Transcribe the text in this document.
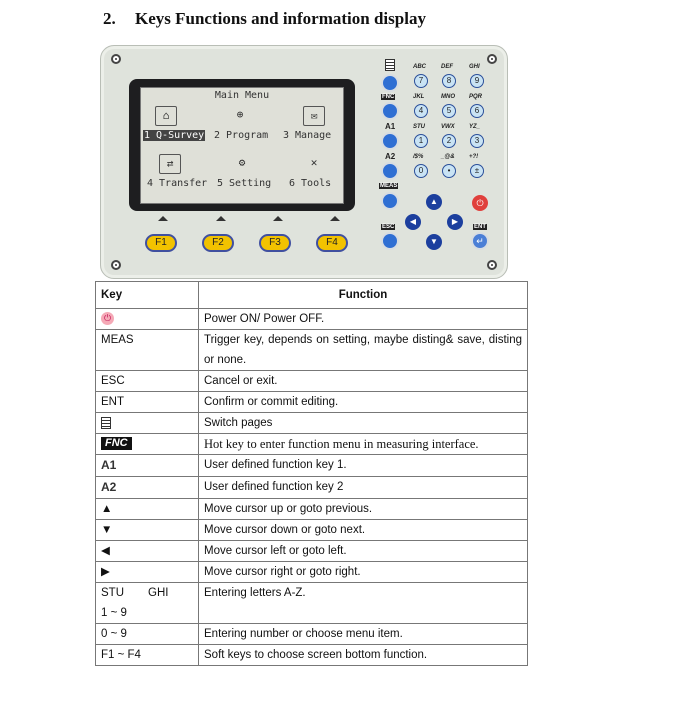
2. Keys Functions and information display
Main Menu
⌂	⊕	✉
1 Q-Survey 2 Program 3 Manage
⇄	⚙	✕
4 Transfer 5 Setting 6 Tools
F1	F2	F3	F4
FNC
A1
A2
MEAS
ESC
ABC	DEF	GHI
7	8	9
JKL	MNO PQR
4	5	6
STU	VWX YZ_
1	2	3
/$%	_@& +?!
0	•	±
⏻
▲
◀	▶
▼
ENT
↵
Key	Function
⏻	Power ON/ Power OFF.
MEAS	Trigger key, depends on setting, maybe disting& save, disting or none.
ESC	Cancel or exit.
ENT	Confirm or commit editing.
	Switch pages
FNC	Hot key to enter function menu in measuring interface.
A1	User defined function key 1.
A2	User defined function key 2
▲	Move cursor up or goto previous.
▼	Move cursor down or goto next.
◀	Move cursor left or goto left.
▶	Move cursor right or goto right.
STU GHI
1 ~ 9	Entering letters A-Z.
0 ~ 9	Entering number or choose menu item.
F1 ~ F4	Soft keys to choose screen bottom function.
